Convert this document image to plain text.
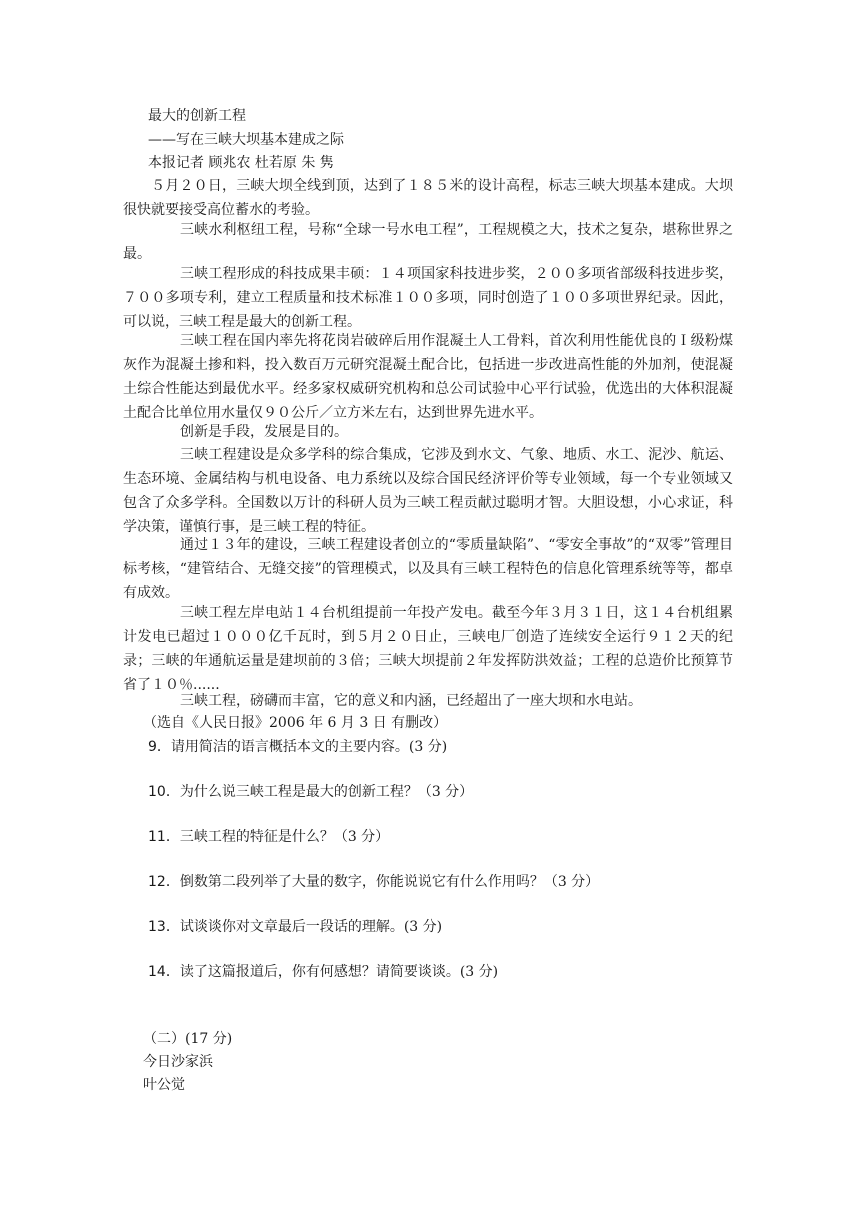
最大的创新工程
——写在三峡大坝基本建成之际
本报记者 顾兆农 杜若原 朱 隽
５月２０日，三峡大坝全线到顶，达到了１８５米的设计高程，标志三峡大坝基本建成。大坝很快就要接受高位蓄水的考验。
三峡水利枢纽工程，号称“全球一号水电工程”，工程规模之大，技术之复杂，堪称世界之最。
三峡工程形成的科技成果丰硕：１４项国家科技进步奖，２００多项省部级科技进步奖，７００多项专利，建立工程质量和技术标准１００多项，同时创造了１００多项世界纪录。因此，可以说，三峡工程是最大的创新工程。
三峡工程在国内率先将花岗岩破碎后用作混凝土人工骨料，首次利用性能优良的Ｉ级粉煤灰作为混凝土掺和料，投入数百万元研究混凝土配合比，包括进一步改进高性能的外加剂，使混凝土综合性能达到最优水平。经多家权威研究机构和总公司试验中心平行试验，优选出的大体积混凝土配合比单位用水量仅９０公斤／立方米左右，达到世界先进水平。
创新是手段，发展是目的。
三峡工程建设是众多学科的综合集成，它涉及到水文、气象、地质、水工、泥沙、航运、生态环境、金属结构与机电设备、电力系统以及综合国民经济评价等专业领域，每一个专业领域又包含了众多学科。全国数以万计的科研人员为三峡工程贡献过聪明才智。大胆设想，小心求证，科学决策，谨慎行事，是三峡工程的特征。
通过１３年的建设，三峡工程建设者创立的“零质量缺陷”、“零安全事故”的“双零”管理目标考核，“建管结合、无缝交接”的管理模式，以及具有三峡工程特色的信息化管理系统等等，都卓有成效。
三峡工程左岸电站１４台机组提前一年投产发电。截至今年３月３１日，这１４台机组累计发电已超过１０００亿千瓦时，到５月２０日止，三峡电厂创造了连续安全运行９１２天的纪录；三峡的年通航运量是建坝前的３倍；三峡大坝提前２年发挥防洪效益；工程的总造价比预算节省了１０％......
三峡工程，磅礴而丰富，它的意义和内涵，已经超出了一座大坝和水电站。
（选自《人民日报》2006 年 6 月 3 日 有删改）
9．请用简洁的语言概括本文的主要内容。(3 分)
10．为什么说三峡工程是最大的创新工程？（3 分）
11．三峡工程的特征是什么？（3 分）
12．倒数第二段列举了大量的数字，你能说说它有什么作用吗？（3 分）
13．试谈谈你对文章最后一段话的理解。(3 分)
14．读了这篇报道后，你有何感想？请简要谈谈。(3 分)
（二）(17 分)
今日沙家浜
叶公觉
